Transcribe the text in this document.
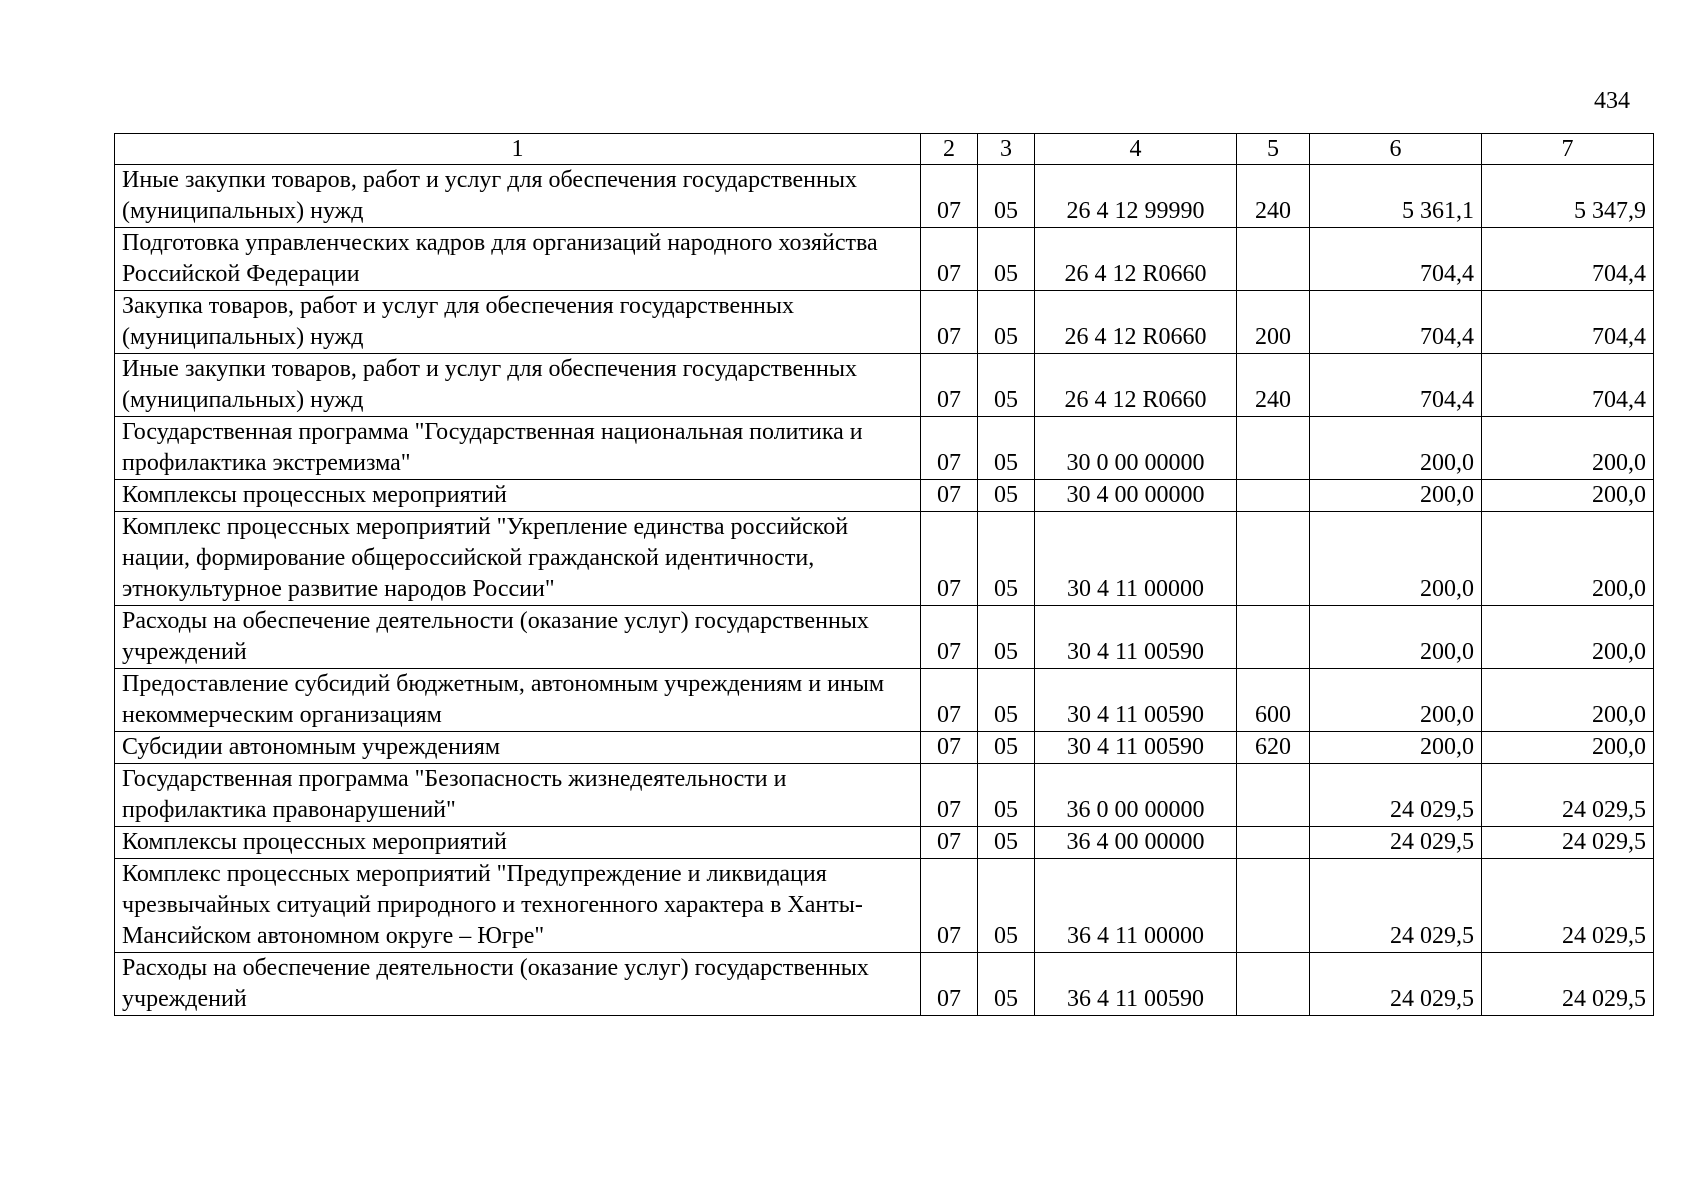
434
1	2	3	4	5	6	7
Иные закупки товаров, работ и услуг для обеспечения государственных (муниципальных) нужд	07	05	26 4 12 99990	240	5 361,1	5 347,9
Подготовка управленческих кадров для организаций народного хозяйства Российской Федерации	07	05	26 4 12 R0660		704,4	704,4
Закупка товаров, работ и услуг для обеспечения государственных (муниципальных) нужд	07	05	26 4 12 R0660	200	704,4	704,4
Иные закупки товаров, работ и услуг для обеспечения государственных (муниципальных) нужд	07	05	26 4 12 R0660	240	704,4	704,4
Государственная программа "Государственная национальная политика и профилактика экстремизма"	07	05	30 0 00 00000		200,0	200,0
Комплексы процессных мероприятий	07	05	30 4 00 00000		200,0	200,0
Комплекс процессных мероприятий "Укрепление единства российской нации, формирование общероссийской гражданской идентичности, этнокультурное развитие народов России"	07	05	30 4 11 00000		200,0	200,0
Расходы на обеспечение деятельности (оказание услуг) государственных учреждений	07	05	30 4 11 00590		200,0	200,0
Предоставление субсидий бюджетным, автономным учреждениям и иным некоммерческим организациям	07	05	30 4 11 00590	600	200,0	200,0
Субсидии автономным учреждениям	07	05	30 4 11 00590	620	200,0	200,0
Государственная программа "Безопасность жизнедеятельности и профилактика правонарушений"	07	05	36 0 00 00000		24 029,5	24 029,5
Комплексы процессных мероприятий	07	05	36 4 00 00000		24 029,5	24 029,5
Комплекс процессных мероприятий "Предупреждение и ликвидация чрезвычайных ситуаций природного и техногенного характера в Ханты-Мансийском автономном округе – Югре"	07	05	36 4 11 00000		24 029,5	24 029,5
Расходы на обеспечение деятельности (оказание услуг) государственных учреждений	07	05	36 4 11 00590		24 029,5	24 029,5
